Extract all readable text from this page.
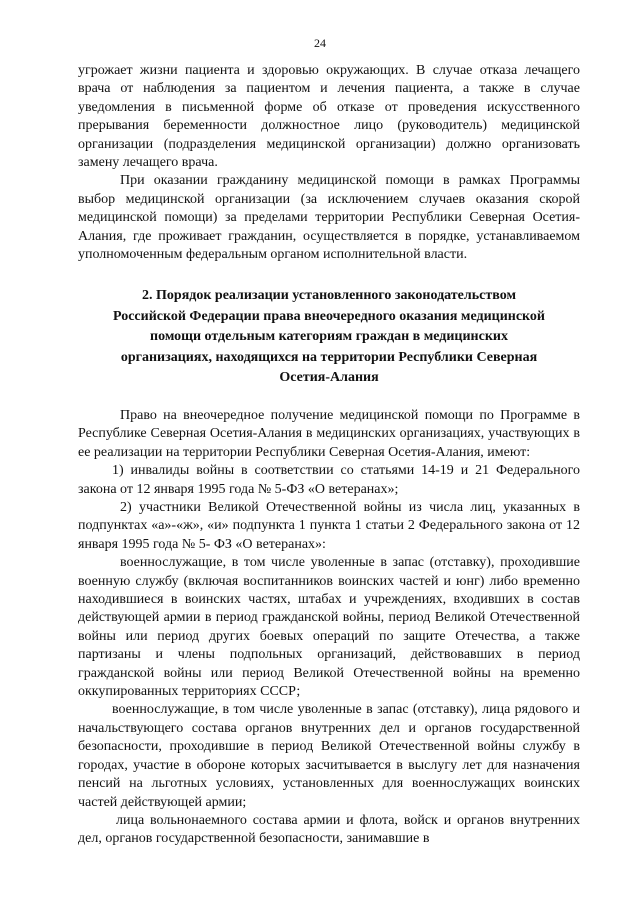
24

угрожает жизни пациента и здоровью окружающих. В случае отказа лечащего врача от наблюдения за пациентом и лечения пациента, а также в случае уведомления в письменной форме об отказе от проведения искусственного прерывания беременности должностное лицо (руководитель) медицинской организации (подразделения медицинской организации) должно организовать замену лечащего врача.

При оказании гражданину медицинской помощи в рамках Программы выбор медицинской организации (за исключением случаев оказания скорой медицинской помощи) за пределами территории Республики Северная Осетия-Алания, где проживает гражданин, осуществляется в порядке, устанавливаемом уполномоченным федеральным органом исполнительной власти.

2. Порядок реализации установленного законодательством Российской Федерации права внеочередного оказания медицинской помощи отдельным категориям граждан в медицинских организациях, находящихся на территории Республики Северная Осетия-Алания

Право на внеочередное получение медицинской помощи по Программе в Республике Северная Осетия-Алания в медицинских организациях, участвующих в ее реализации на территории Республики Северная Осетия-Алания, имеют:

1) инвалиды войны в соответствии со статьями 14-19 и 21 Федерального закона от 12 января 1995 года № 5-ФЗ «О ветеранах»;

2) участники Великой Отечественной войны из числа лиц, указанных в подпунктах «а»-«ж», «и» подпункта 1 пункта 1 статьи 2 Федерального закона от 12 января 1995 года № 5- ФЗ «О ветеранах»:

военнослужащие, в том числе уволенные в запас (отставку), проходившие военную службу (включая воспитанников воинских частей и юнг) либо временно находившиеся в воинских частях, штабах и учреждениях, входивших в состав действующей армии в период гражданской войны, период Великой Отечественной войны или период других боевых операций по защите Отечества, а также партизаны и члены подпольных организаций, действовавших в период гражданской войны или период Великой Отечественной войны на временно оккупированных территориях СССР;

военнослужащие, в том числе уволенные в запас (отставку), лица рядового и начальствующего состава органов внутренних дел и органов государственной безопасности, проходившие в период Великой Отечественной войны службу в городах, участие в обороне которых засчитывается в выслугу лет для назначения пенсий на льготных условиях, установленных для военнослужащих воинских частей действующей армии;

лица вольнонаемного состава армии и флота, войск и органов внутренних дел, органов государственной безопасности, занимавшие в
